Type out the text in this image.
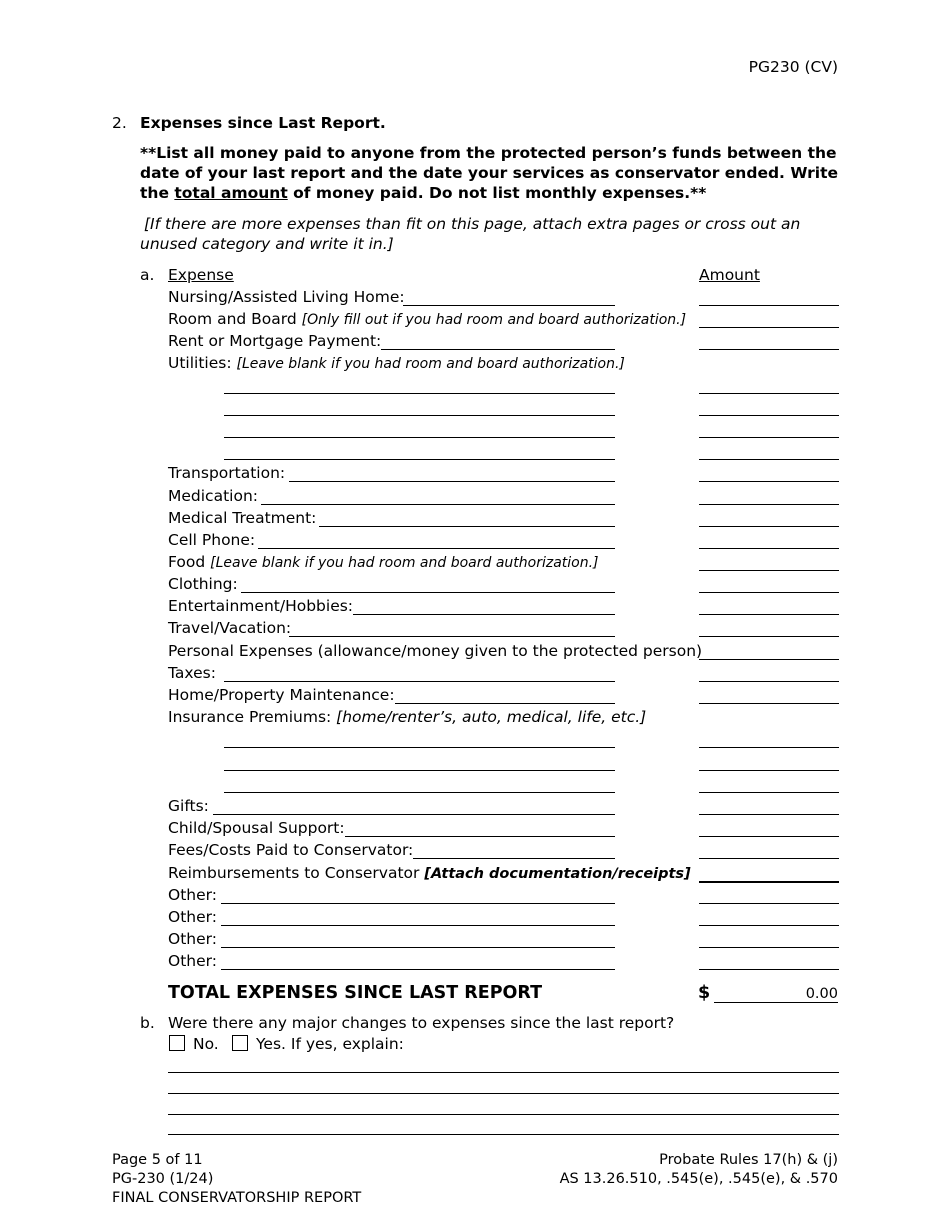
PG230 (CV)
2. Expenses since Last Report.
**List all money paid to anyone from the protected person’s funds between the
date of your last report and the date your services as conservator ended. Write
the total amount of money paid. Do not list monthly expenses.**
[If there are more expenses than fit on this page, attach extra pages or cross out an
unused category and write it in.]
a. Expense	Amount
Nursing/Assisted Living Home:
Room and Board [Only fill out if you had room and board authorization.]
Rent or Mortgage Payment:
Utilities: [Leave blank if you had room and board authorization.]
Transportation:
Medication:
Medical Treatment:
Cell Phone:
Food [Leave blank if you had room and board authorization.]
Clothing:
Entertainment/Hobbies:
Travel/Vacation:
Personal Expenses (allowance/money given to the protected person)
Taxes:
Home/Property Maintenance:
Insurance Premiums: [home/renter’s, auto, medical, life, etc.]
Gifts:
Child/Spousal Support:
Fees/Costs Paid to Conservator:
Reimbursements to Conservator [Attach documentation/receipts]
Other:
Other:
Other:
Other:
TOTAL EXPENSES SINCE LAST REPORT	$	0.00
b. Were there any major changes to expenses since the last report?
No. Yes. If yes, explain:
Page 5 of 11
PG-230 (1/24)
FINAL CONSERVATORSHIP REPORT
Probate Rules 17(h) & (j)
AS 13.26.510, .545(e), .545(e), & .570
